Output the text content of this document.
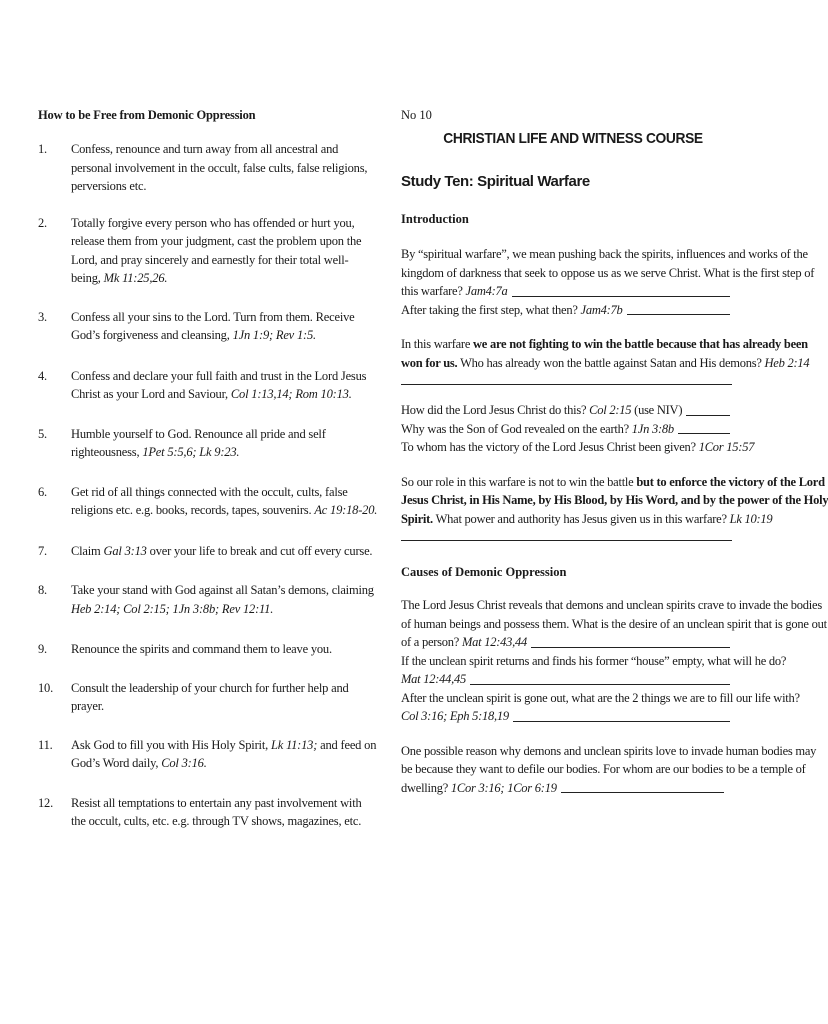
How to be Free from Demonic Oppression

1.	Confess, renounce and turn away from all ancestral and personal involvement in the occult, false cults, false religions, perversions etc.
2.	Totally forgive every person who has offended or hurt you, release them from your judgment, cast the problem upon the Lord, and pray sincerely and earnestly for their total well-being, Mk 11:25,26.
3.	Confess all your sins to the Lord. Turn from them. Receive God’s forgiveness and cleansing, 1Jn 1:9; Rev 1:5.
4.	Confess and declare your full faith and trust in the Lord Jesus Christ as your Lord and Saviour, Col 1:13,14; Rom 10:13.
5.	Humble yourself to God. Renounce all pride and self righteousness, 1Pet 5:5,6; Lk 9:23.
6.	Get rid of all things connected with the occult, cults, false religions etc. e.g. books, records, tapes, souvenirs. Ac 19:18-20.
7.	Claim Gal 3:13 over your life to break and cut off every curse.
8.	Take your stand with God against all Satan’s demons, claiming Heb 2:14; Col 2:15; 1Jn 3:8b; Rev 12:11.
9.	Renounce the spirits and command them to leave you.
10.	Consult the leadership of your church for further help and prayer.
11.	Ask God to fill you with His Holy Spirit, Lk 11:13; and feed on God’s Word daily, Col 3:16.
12.	Resist all temptations to entertain any past involvement with the occult, cults, etc. e.g. through TV shows, magazines, etc.

No 10

CHRISTIAN LIFE AND WITNESS COURSE

Study Ten: Spiritual Warfare

Introduction

By “spiritual warfare”, we mean pushing back the spirits, influences and works of the
kingdom of darkness that seek to oppose us as we serve Christ. What is the first step of
this warfare?
Jam4:7a
After taking the first step, what then?
Jam4:7b
In this warfare we are not fighting to win the battle because that has already been
won for us. Who has already won the battle against Satan and His demons? Heb 2:14
How did the Lord Jesus Christ do this?
Col 2:15
(use NIV)
Why was the Son of God revealed on the earth?
1Jn 3:8b
To whom has the victory of the Lord Jesus Christ been given?
1Cor 15:57
So our role in this warfare is not to win the battle but to enforce the victory of the Lord
Jesus Christ, in His Name, by His Blood, by His Word, and by the power of the Holy
Spirit. What power and authority has Jesus given us in this warfare? Lk 10:19

Causes of Demonic Oppression

The Lord Jesus Christ reveals that demons and unclean spirits crave to invade the bodies
of human beings and possess them. What is the desire of an unclean spirit that is gone out
of a person?
Mat 12:43,44
If the unclean spirit returns and finds his former “house” empty, what will he do?
Mat 12:44,45
After the unclean spirit is gone out, what are the 2 things we are to fill our life with?
Col 3:16; Eph 5:18,19
One possible reason why demons and unclean spirits love to invade human bodies may
be because they want to defile our bodies. For whom are our bodies to be a temple of
dwelling?
1Cor 3:16; 1Cor 6:19
